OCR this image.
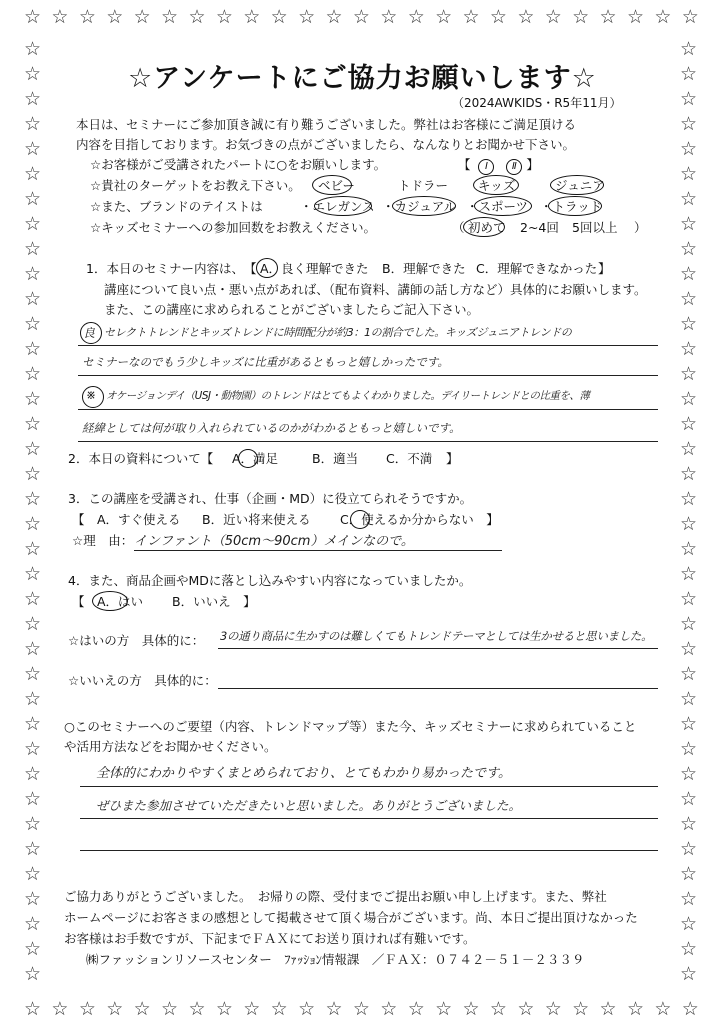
☆ ☆ ☆ ☆ ☆ ☆ ☆ ☆ ☆ ☆ ☆ ☆ ☆ ☆ ☆ ☆ ☆ ☆ ☆ ☆ ☆ ☆ ☆ ☆ ☆
☆ ☆ ☆ ☆ ☆ ☆ ☆ ☆ ☆ ☆ ☆ ☆ ☆ ☆ ☆ ☆ ☆ ☆ ☆ ☆ ☆ ☆ ☆ ☆ ☆
☆
☆
☆
☆
☆
☆
☆
☆
☆
☆
☆
☆
☆
☆
☆
☆
☆
☆
☆
☆
☆
☆
☆
☆
☆
☆
☆
☆
☆
☆
☆
☆
☆
☆
☆
☆
☆
☆
☆
☆
☆
☆
☆
☆
☆
☆
☆
☆
☆
☆
☆
☆
☆
☆
☆
☆
☆
☆
☆
☆
☆
☆
☆
☆
☆
☆
☆
☆
☆
☆
☆
☆
☆
☆
☆
☆
☆アンケートにご協力お願いします☆
（2024AWKIDS・R5年11月）
本日は、セミナーにご参加頂き誠に有り難うございました。弊社はお客様にご満足頂ける
内容を目指しております。お気づきの点がございましたら、なんなりとお聞かせ下さい。
☆お客様がご受講されたパートに○をお願いします。	【  Ⅰ Ⅱ 】
☆貴社のターゲットをお教え下さい。 ベビー	トドラー キッズ	ジュニア
☆また、ブランドのテイストは	・エレガンス ・カジュアル ・スポーツ ・トラッド
☆キッズセミナーへの参加回数をお教えください。	（ 初めて 2~4回 5回以上 ）
1．本日のセミナー内容は、 【 A．良く理解できた B．理解できた C．理解できなかった 】
講座について良い点・悪い点があれば、（配布資料、講師の話し方など）具体的にお願いします。
また、この講座に求められることがございましたらご記入下さい。
良 セレクトトレンドとキッズトレンドに時間配分が約3：1の割合でした。キッズジュニアトレンドの
セミナーなのでもう少しキッズに比重があるともっと嬉しかったです。
※ オケージョンデイ（USJ・動物園）のトレンドはとてもよくわかりました。デイリートレンドとの比重を、薄
経緯としては何が取り入れられているのかがわかるともっと嬉しいです。
2．本日の資料について【 A．満足	B．適当 C．不満 】
3．この講座を受講され、仕事（企画・MD）に役立てられそうですか。
【　A．すぐ使える B．近い将来使える C．使えるか分からない　】
☆理　由： インファント（50cm～90cm）メインなので。
4．また、商品企画やMDに落とし込みやすい内容になっていましたか。
【　A．はい B．いいえ　】
☆はいの方　具体的に： 3の通り商品に生かすのは難しくてもトレンドテーマとしては生かせると思いました。
☆いいえの方　具体的に：
○このセミナーへのご要望（内容、トレンドマップ等）また今、キッズセミナーに求められていること
や活用方法などをお聞かせください。
全体的にわかりやすくまとめられており、とてもわかり易かったです。
ぜひまた参加させていただきたいと思いました。ありがとうございました。
ご協力ありがとうございました。　お帰りの際、受付までご提出お願い申し上げます。また、弊社
ホームページにお客さまの感想として掲載させて頂く場合がございます。尚、本日ご提出頂けなかった
お客様はお手数ですが、下記までＦＡＸにてお送り頂ければ有難いです。
㈱ファッションリソースセンター　ﾌｧｯｼｮﾝ情報課　／ＦＡＸ：０７４２－５１－２３３９
